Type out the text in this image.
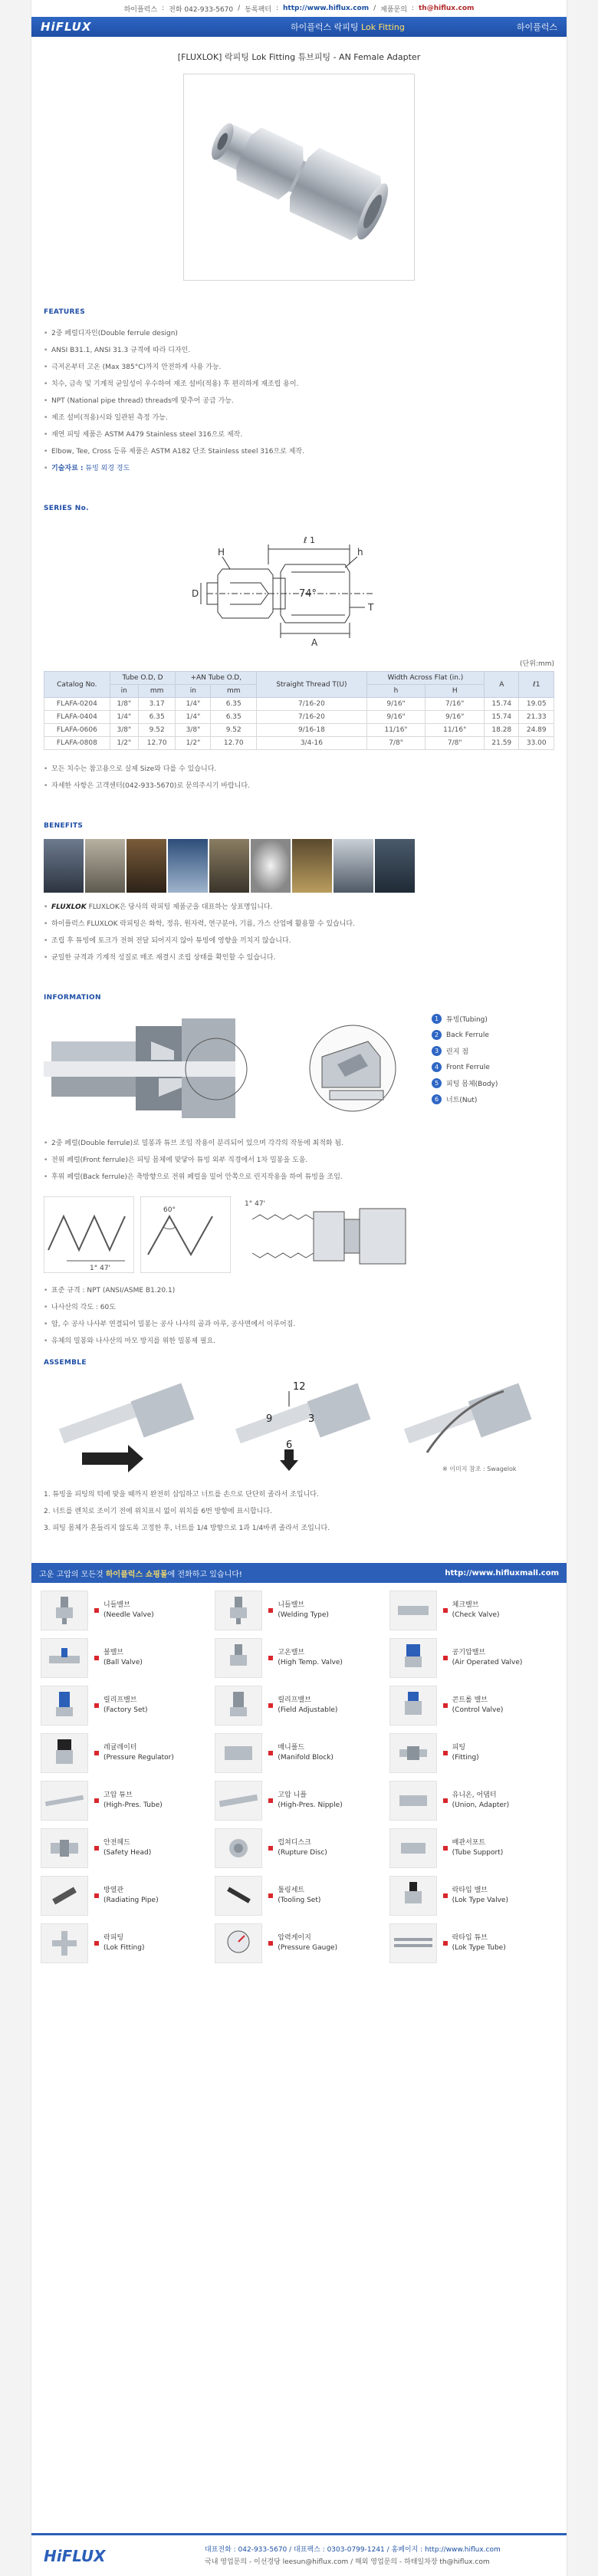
하이플럭스 : 전화 042-933-5670 / 동록팩터 : http://www.hiflux.com / 제품문의 : th@hiflux.com
HiFLUX	하이플럭스 락피팅 Lok Fitting	하이플럭스
[FLUXLOK] 락피팅 Lok Fitting 튜브피팅 - AN Female Adapter
FEATURES
• 2중 페럴디자인(Double ferrule design)
• ANSI B31.1, ANSI 31.3 규격에 따라 디자인.
• 극저온부터 고온 (Max 385°C)까지 안전하게 사용 가능.
• 치수, 금속 및 기계적 균일성이 우수하여 재조 설비(적용) 후 편리하게 재조립 용이.
• NPT (National pipe thread) threads에 맞추어 공급 가능.
• 제조 설비(적용)시와 일관된 측정 가능.
• 재연 피팅 제품은 ASTM A479 Stainless steel 316으로 제작.
• Elbow, Tee, Cross 등류 제품은 ASTM A182 단조 Stainless steel 316으로 제작.
• 기술자료 : 튜빙 외경 경도
SERIES No.
H
ℓ 1
h
D	74°
T
A
(단위:mm)
Catalog No.	Tube O.D, D		+AN Tube O.D,		Straight Thread T(U)	Width Across Flat (in.)		A	ℓ1
	in	mm	in	mm		h	H		
FLAFA-0204	1/8"	3.17	1/4"	6.35	7/16-20	9/16"	7/16"	15.74	19.05
FLAFA-0404	1/4"	6.35	1/4"	6.35	7/16-20	9/16"	9/16"	15.74	21.33
FLAFA-0606	3/8"	9.52	3/8"	9.52	9/16-18	11/16"	11/16"	18.28	24.89
FLAFA-0808	1/2"	12.70	1/2"	12.70	3/4-16	7/8"	7/8"	21.59	33.00
• 모든 치수는 참고용으로 실제 Size와 다를 수 있습니다.
• 자세한 사항은 고객센터(042-933-5670)로 문의주시기 바랍니다.
BENEFITS
• FLUXLOK FLUXLOK은 당사의 락피팅 제품군을 대표하는 상표명입니다.
• 하이플럭스 FLUXLOK 락피팅은 화학, 정유, 원자력, 연구분야, 기름, 가스 산업에 활용할 수 있습니다.
• 조립 후 튜빙에 토크가 전혀 전달 되어지지 않아 튜빙에 영향을 끼치지 않습니다.
• 균일한 규격과 기계적 성질로 매조 재결시 조립 상태를 확인할 수 있습니다.
INFORMATION
1	튜빙(Tubing)
2	Back Ferrule
3	린지 점
4	Front Ferrule
5	피팅 몸체(Body)
6	너트(Nut)
• 2중 페럴(Double ferrule)로 밀봉과 튜브 조임 작용이 분리되어 있으며 각각의 작동에 최적화 됨.
• 전위 페럴(Front ferrule)은 피팅 몸체에 맞닿아 튜빙 외부 직경에서 1차 밀봉을 도움.
• 후위 페럴(Back ferrule)은 축방향으로 전위 페럴을 밀어 안쪽으로 린지작용을 하여 튜빙을 조임.
1° 47'
60°
1° 47'
• 표준 규격 : NPT (ANSI/ASME B1.20.1)
• 나사산의 각도 : 60도
• 암, 수 공사 나사부 연결되어 밀봉는 공사 나사의 골과 아루, 공사면에서 이루어짐.
• 유체의 밀봉와 나사산의 마모 방지를 위한 밀봉제 필요.
ASSEMBLE
12
3
6
9
※ 이미지 참조 : Swagelok
1. 튜빙을 피팅의 턱에 맞을 때까지 완전히 삽입하고 너트를 손으로 단단히 졸라서 조입니다.
2. 너트를 렌치로 조이기 전에 위치표시 없이 위치를 6번 방향에 표시합니다.
3. 피팅 몸체가 흔들리지 않도록 고정한 후, 너트를 1/4 방향으로 1과 1/4바퀴 졸라서 조입니다.
고운 고압의 모든것
하이플럭스 쇼핑몰 에 전화하고 있습니다!	http://www.hifluxmall.com
니들밸브
(Needle Valve)
니들밸브
(Welding Type)
체크밸브
(Check Valve)
볼밸브
(Ball Valve)
고온밸브
(High Temp. Valve)
공기압밸브
(Air Operated Valve)
릴리프밸브
(Factory Set)
릴리프밸브
(Field Adjustable)
콘트롤 밸브
(Control Valve)
레귤레이터
(Pressure Regulator)
매니폴드
(Manifold Block)
피팅
(Fitting)
고압 튜브
(High-Pres. Tube)
고압 니플
(High-Pres. Nipple)
유니온, 어댑터
(Union, Adapter)
안전헤드
(Safety Head)
럽쳐디스크
(Rupture Disc)
배관서포트
(Tube Support)
방열관
(Radiating Pipe)
툴링세트
(Tooling Set)
락타입 밸브
(Lok Type Valve)
락피팅
(Lok Fitting)
압력게이지
(Pressure Gauge)
락타입 튜브
(Lok Type Tube)
HiFLUX	대표전화 : 042-933-5670 / 대표팩스 : 0303-0799-1241 / 홈페이지 : http://www.hiflux.com
국내 영업문의 - 이선경당 leesun@hiflux.com / 해외 영업문의 - 하태일차장 th@hiflux.com
